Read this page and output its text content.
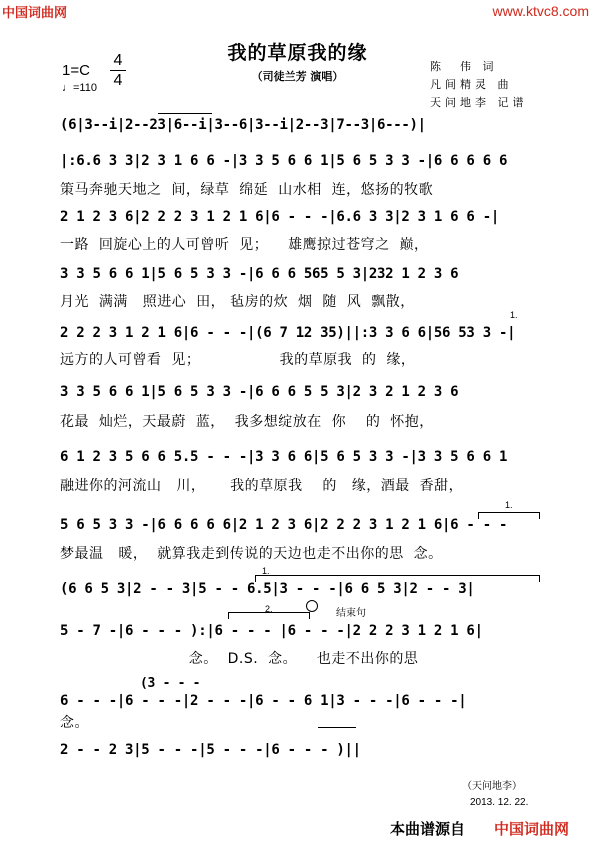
中国词曲网	www.ktvc8.com
我的草原我的缘
（司徒兰芳 演唱）
1=C
4
4
♩=110
陈  伟 词
凡间精灵 曲
天问地李 记谱
(6|3--i|2--23|6--i|3--6|3--i|2--3|7--3|6---)|
|:6.6 3 3|2 3 1 6 6 -|3 3 5 6 6 1|5 6 5 3 3 -|6 6 6 6 6
策马奔驰天地之  间，绿草  绵延  山水相  连，悠扬的牧歌
2 1 2 3 6|2 2 2 3 1 2 1 6|6 - - -|6.6 3 3|2 3 1 6 6 -|
一路  回旋心上的人可曾听  见；    雄鹰掠过苍穹之  巅，
3 3 5 6 6 1|5 6 5 3 3 -|6 6 6 565 5 3|232 1 2 3 6
月光  满满   照进心  田， 毡房的炊  烟  随  风  飘散，
1.
2 2 2 3 1 2 1 6|6 - - -|(6 7 12 35)||:3 3 6 6|56 53 3 -|
远方的人可曾看  见；                我的草原我  的  缘，
3 3 5 6 6 1|5 6 5 3 3 -|6 6 6 5 5 3|2 3 2 1 2 3 6
花最  灿烂，天最蔚  蓝，  我多想绽放在  你    的  怀抱，
6 1 2 3 5 6 6 5.5 - - -|3 3 6 6|5 6 5 3 3 -|3 3 5 6 6 1
融进你的河流山   川，     我的草原我    的   缘，酒最  香甜，
1.
5 6 5 3 3 -|6 6 6 6 6|2 1 2 3 6|2 2 2 3 1 2 1 6|6 - - -
梦最温   暖，  就算我走到传说的天边也走不出你的思  念。
1.
(6 6 5 3|2 - - 3|5 - - 6.5|3 - - -|6 6 5 3|2 - - 3|
2.	结束句
5 - 7 -|6 - - - ):|6 - - - |6 - - -|2 2 2 3 1 2 1 6|
念。  D.S.  念。    也走不出你的思
(3 - - -
6 - - -|6 - - -|2 - - -|6 - - 6 1|3 - - -|6 - - -|
念。
2 - - 2 3|5 - - -|5 - - -|6 - - - )||
（天问地李）
2013. 12. 22.
本曲谱源自 中国词曲网
